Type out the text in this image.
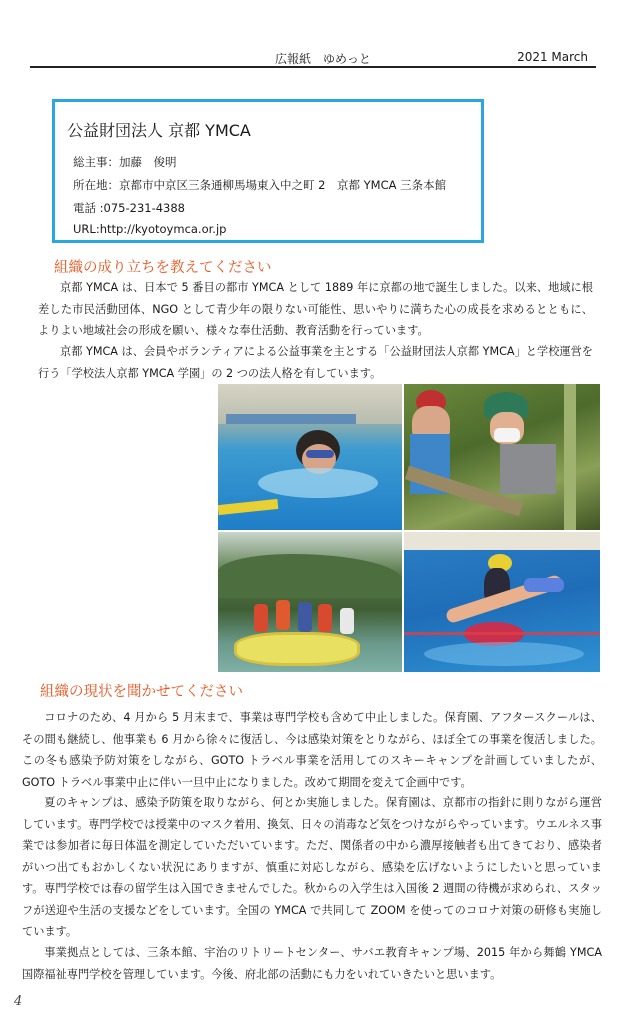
広報紙　ゆめっと	2021 March
公益財団法人 京都 YMCA
総主事：加藤　俊明
所在地：京都市中京区三条通柳馬場東入中之町 2　京都 YMCA 三条本館
電話 :075-231-4388
URL:http://kyotoymca.or.jp
組織の成り立ちを教えてください

京都 YMCA は、日本で 5 番目の都市 YMCA として 1889 年に京都の地で誕生しました。以来、地域に根差した市民活動団体、NGO として青少年の限りない可能性、思いやりに満ちた心の成長を求めるとともに、よりよい地域社会の形成を願い、様々な奉仕活動、教育活動を行っています。

京都 YMCA は、会員やボランティアによる公益事業を主とする「公益財団法人京都 YMCA」と学校運営を行う「学校法人京都 YMCA 学園」の 2 つの法人格を有しています。

組織の現状を聞かせてください

コロナのため、4 月から 5 月末まで、事業は専門学校も含めて中止しました。保育園、アフタースクールは、その間も継続し、他事業も 6 月から徐々に復活し、今は感染対策をとりながら、ほぼ全ての事業を復活しました。この冬も感染予防対策をしながら、GOTO トラベル事業を活用してのスキーキャンプを計画していましたが、GOTO トラベル事業中止に伴い一旦中止になりました。改めて期間を変えて企画中です。

夏のキャンプは、感染予防策を取りながら、何とか実施しました。保育園は、京都市の指針に則りながら運営しています。専門学校では授業中のマスク着用、換気、日々の消毒など気をつけながらやっています。ウエルネス事業では参加者に毎日体温を測定していただいています。ただ、関係者の中から濃厚接触者も出てきており、感染者がいつ出てもおかしくない状況にありますが、慎重に対応しながら、感染を広げないようにしたいと思っています。 専門学校では春の留学生は入国できませんでした。秋からの入学生は入国後 2 週間の待機が求められ、スタッフが送迎や生活の支援などをしています。全国の YMCA で共同して ZOOM を使ってのコロナ対策の研修も実施しています。

事業拠点としては、三条本館、宇治のリトリートセンター、サバエ教育キャンプ場、2015 年から舞鶴 YMCA 国際福祉専門学校を管理しています。今後、府北部の活動にも力をいれていきたいと思います。

4
